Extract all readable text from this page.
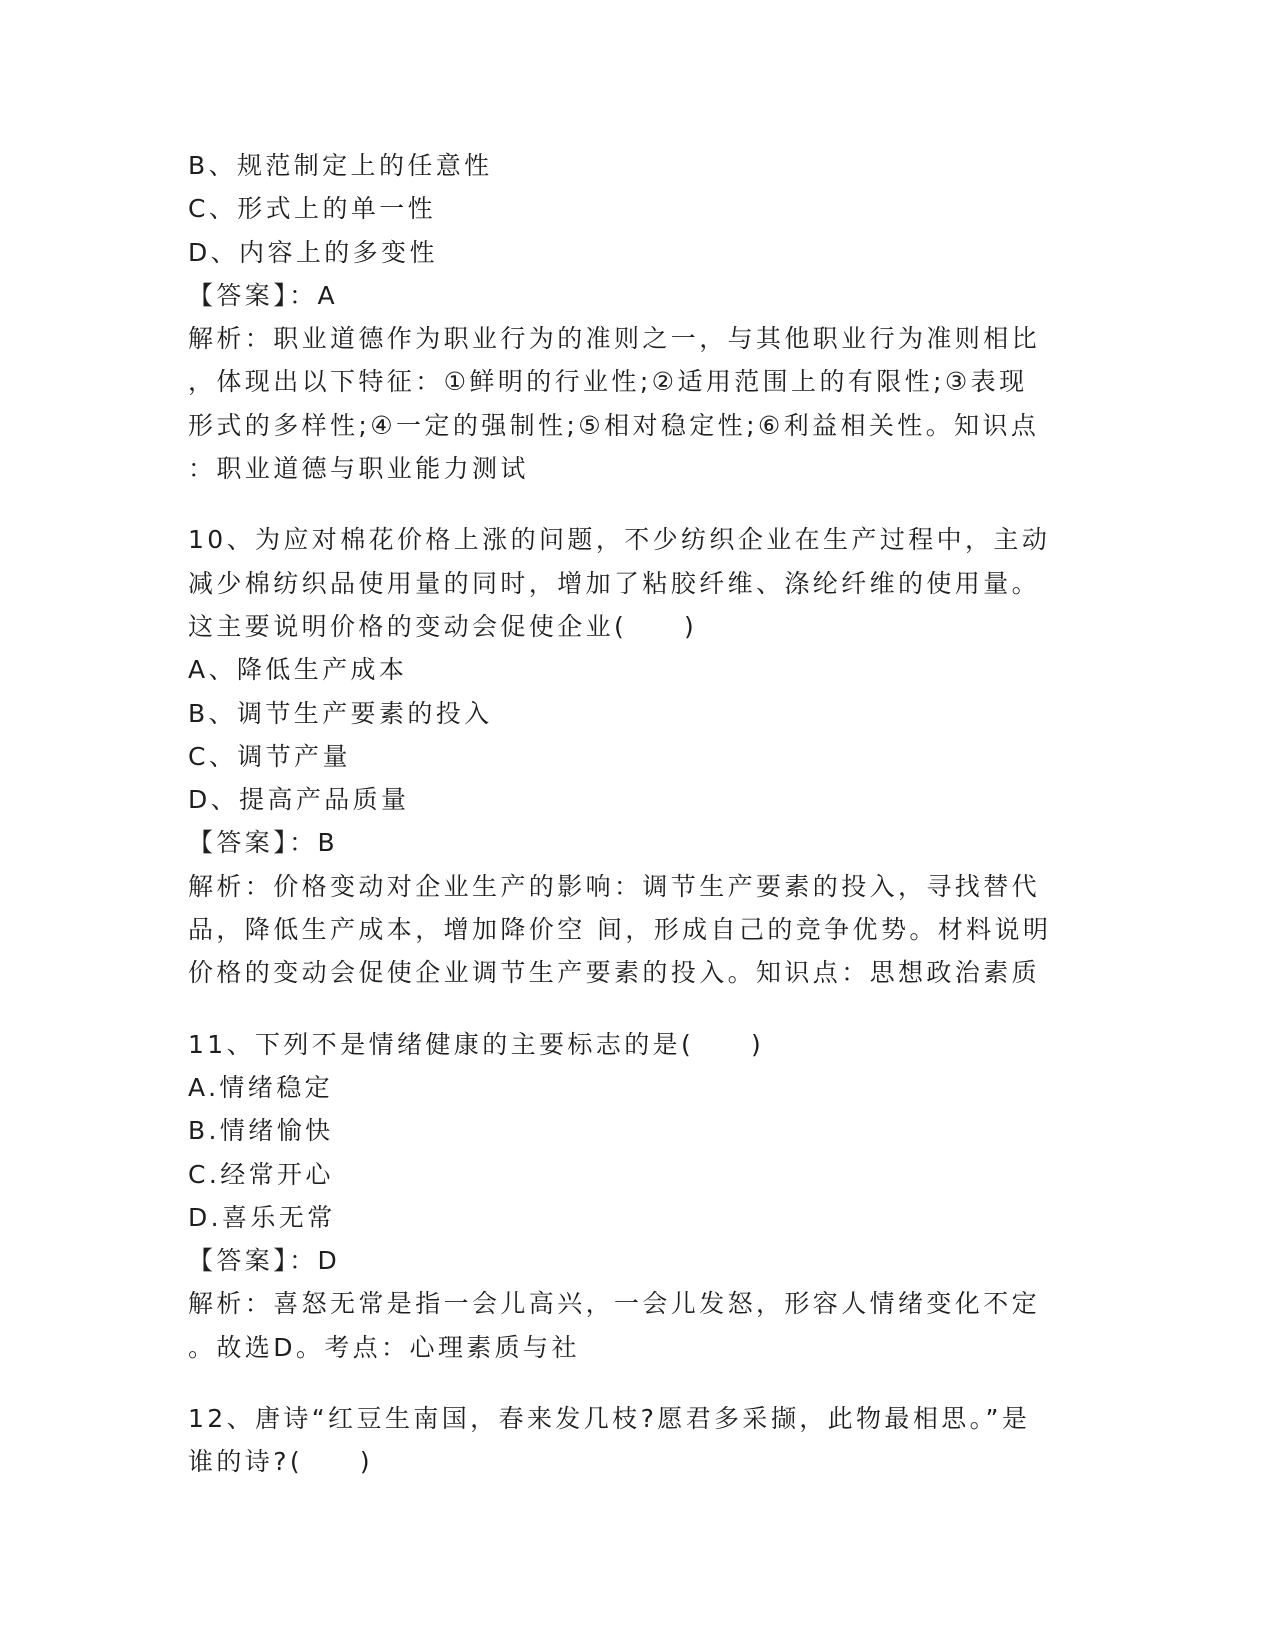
B、规范制定上的任意性
C、形式上的单一性
D、内容上的多变性
【答案】：A
解析：职业道德作为职业行为的准则之一，与其他职业行为准则相比
，体现出以下特征：①鲜明的行业性;②适用范围上的有限性;③表现
形式的多样性;④一定的强制性;⑤相对稳定性;⑥利益相关性。知识点
：职业道德与职业能力测试
10、为应对棉花价格上涨的问题，不少纺织企业在生产过程中，主动
减少棉纺织品使用量的同时，增加了粘胶纤维、涤纶纤维的使用量。
这主要说明价格的变动会促使企业(　　)
A、降低生产成本
B、调节生产要素的投入
C、调节产量
D、提高产品质量
【答案】：B
解析：价格变动对企业生产的影响：调节生产要素的投入，寻找替代
品，降低生产成本，增加降价空 间，形成自己的竞争优势。材料说明
价格的变动会促使企业调节生产要素的投入。知识点：思想政治素质
11、下列不是情绪健康的主要标志的是(　　)
A.情绪稳定
B.情绪愉快
C.经常开心
D.喜乐无常
【答案】：D
解析：喜怒无常是指一会儿高兴，一会儿发怒，形容人情绪变化不定
。故选D。考点：心理素质与社
12、唐诗“红豆生南国，春来发几枝?愿君多采撷，此物最相思。”是
谁的诗?(　　)
